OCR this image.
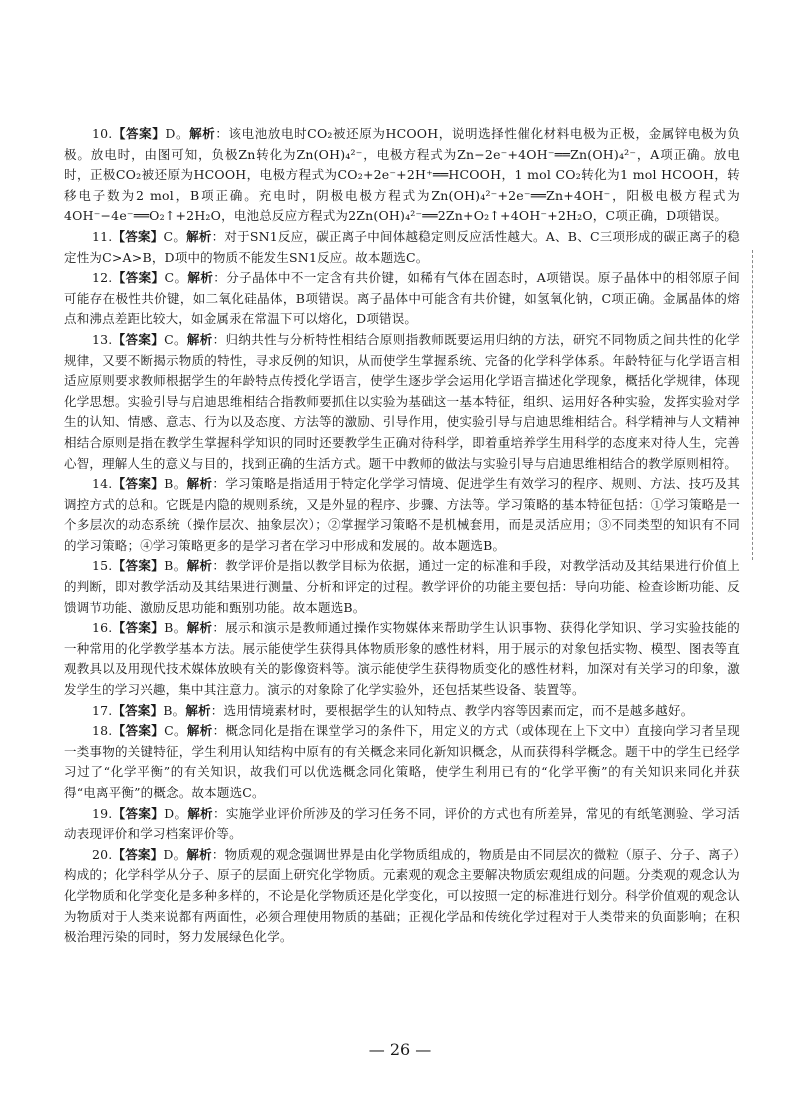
10.【答案】D。解析：该电池放电时CO₂被还原为HCOOH，说明选择性催化材料电极为正极，金属锌电极为负极。放电时，由图可知，负极Zn转化为Zn(OH)₄²⁻，电极方程式为Zn−2e⁻+4OH⁻══Zn(OH)₄²⁻，A项正确。放电时，正极CO₂被还原为HCOOH，电极方程式为CO₂+2e⁻+2H⁺══HCOOH，1 mol CO₂转化为1 mol HCOOH，转移电子数为2 mol，B项正确。充电时，阴极电极方程式为Zn(OH)₄²⁻+2e⁻══Zn+4OH⁻，阳极电极方程式为4OH⁻−4e⁻══O₂↑+2H₂O，电池总反应方程式为2Zn(OH)₄²⁻══2Zn+O₂↑+4OH⁻+2H₂O，C项正确，D项错误。

11.【答案】C。解析：对于SN1反应，碳正离子中间体越稳定则反应活性越大。A、B、C三项形成的碳正离子的稳定性为C>A>B，D项中的物质不能发生SN1反应。故本题选C。

12.【答案】C。解析：分子晶体中不一定含有共价键，如稀有气体在固态时，A项错误。原子晶体中的相邻原子间可能存在极性共价键，如二氧化硅晶体，B项错误。离子晶体中可能含有共价键，如氢氧化钠，C项正确。金属晶体的熔点和沸点差距比较大，如金属汞在常温下可以熔化，D项错误。

13.【答案】C。解析：归纳共性与分析特性相结合原则指教师既要运用归纳的方法，研究不同物质之间共性的化学规律，又要不断揭示物质的特性，寻求反例的知识，从而使学生掌握系统、完备的化学科学体系。年龄特征与化学语言相适应原则要求教师根据学生的年龄特点传授化学语言，使学生逐步学会运用化学语言描述化学现象，概括化学规律，体现化学思想。实验引导与启迪思维相结合指教师要抓住以实验为基础这一基本特征，组织、运用好各种实验，发挥实验对学生的认知、情感、意志、行为以及态度、方法等的激励、引导作用，使实验引导与启迪思维相结合。科学精神与人文精神相结合原则是指在教学生掌握科学知识的同时还要教学生正确对待科学，即着重培养学生用科学的态度来对待人生，完善心智，理解人生的意义与目的，找到正确的生活方式。题干中教师的做法与实验引导与启迪思维相结合的教学原则相符。

14.【答案】B。解析：学习策略是指适用于特定化学学习情境、促进学生有效学习的程序、规则、方法、技巧及其调控方式的总和。它既是内隐的规则系统，又是外显的程序、步骤、方法等。学习策略的基本特征包括：①学习策略是一个多层次的动态系统（操作层次、抽象层次）；②掌握学习策略不是机械套用，而是灵活应用；③不同类型的知识有不同的学习策略；④学习策略更多的是学习者在学习中形成和发展的。故本题选B。

15.【答案】B。解析：教学评价是指以教学目标为依据，通过一定的标准和手段，对教学活动及其结果进行价值上的判断，即对教学活动及其结果进行测量、分析和评定的过程。教学评价的功能主要包括：导向功能、检查诊断功能、反馈调节功能、激励反思功能和甄别功能。故本题选B。

16.【答案】B。解析：展示和演示是教师通过操作实物媒体来帮助学生认识事物、获得化学知识、学习实验技能的一种常用的化学教学基本方法。展示能使学生获得具体物质形象的感性材料，用于展示的对象包括实物、模型、图表等直观教具以及用现代技术媒体放映有关的影像资料等。演示能使学生获得物质变化的感性材料，加深对有关学习的印象，激发学生的学习兴趣，集中其注意力。演示的对象除了化学实验外，还包括某些设备、装置等。

17.【答案】B。解析：选用情境素材时，要根据学生的认知特点、教学内容等因素而定，而不是越多越好。

18.【答案】C。解析：概念同化是指在课堂学习的条件下，用定义的方式（或体现在上下文中）直接向学习者呈现一类事物的关键特征，学生利用认知结构中原有的有关概念来同化新知识概念，从而获得科学概念。题干中的学生已经学习过了“化学平衡”的有关知识，故我们可以优选概念同化策略，使学生利用已有的“化学平衡”的有关知识来同化并获得“电离平衡”的概念。故本题选C。

19.【答案】D。解析：实施学业评价所涉及的学习任务不同，评价的方式也有所差异，常见的有纸笔测验、学习活动表现评价和学习档案评价等。

20.【答案】D。解析：物质观的观念强调世界是由化学物质组成的，物质是由不同层次的微粒（原子、分子、离子）构成的；化学科学从分子、原子的层面上研究化学物质。元素观的观念主要解决物质宏观组成的问题。分类观的观念认为化学物质和化学变化是多种多样的，不论是化学物质还是化学变化，可以按照一定的标准进行划分。科学价值观的观念认为物质对于人类来说都有两面性，必须合理使用物质的基础；正视化学品和传统化学过程对于人类带来的负面影响；在积极治理污染的同时，努力发展绿色化学。

— 26 —
